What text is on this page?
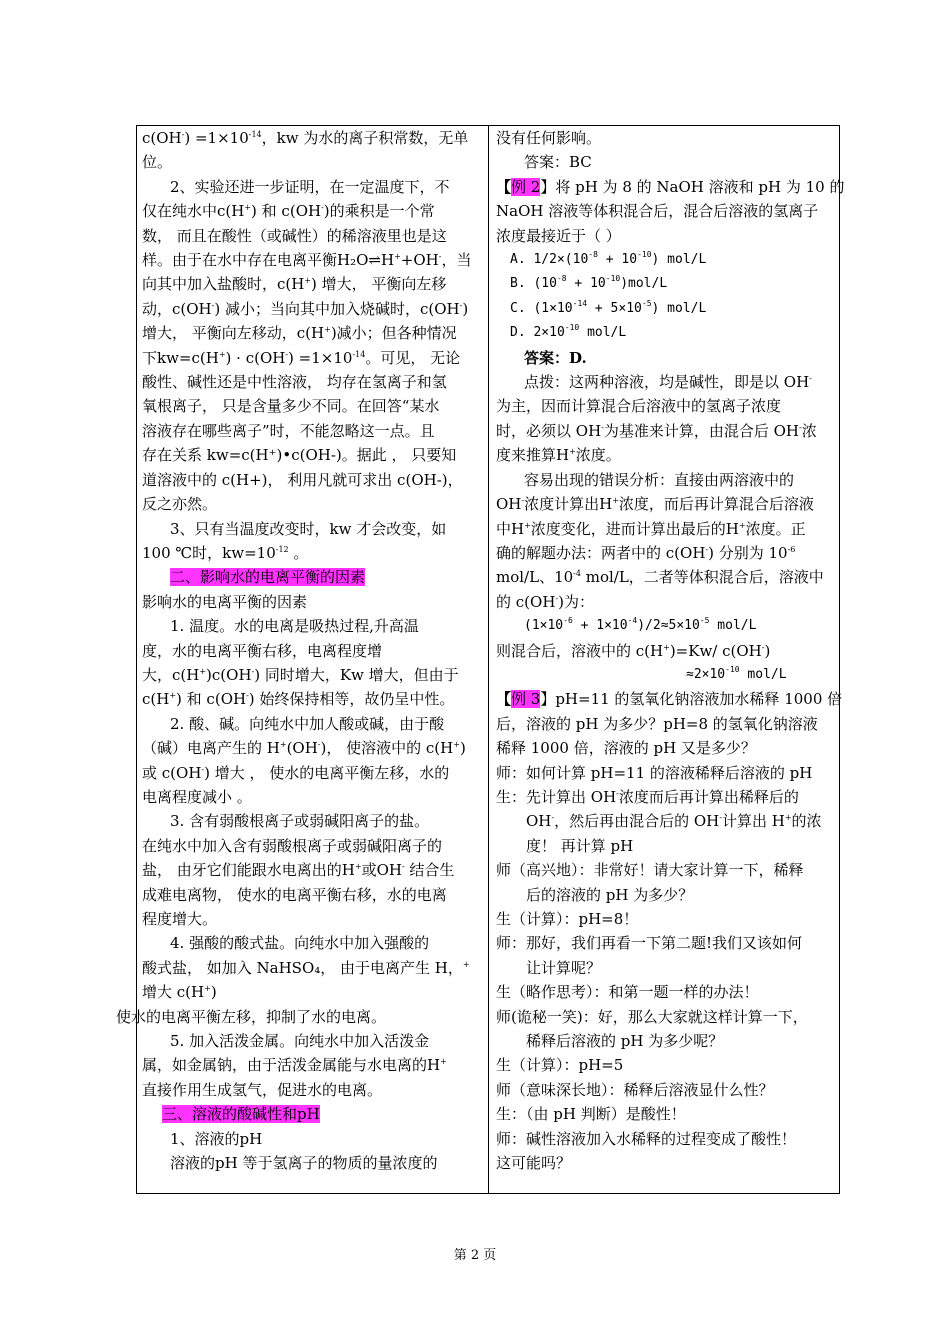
$c(OH^-) =1\times 10^{-14}$，kw 为水的离子积常数，无单

位。

2、实验还进一步证明，在一定温度下，不

仅在纯水中c(H+) 和 c(OH-)的乘积是一个常

数， 而且在酸性（或碱性）的稀溶液里也是这

样。由于在水中存在电离平衡H₂O⇌H++OH-，当

向其中加入盐酸时，c(H+) 增大， 平衡向左移

动，c(OH-) 减小；当向其中加入烧碱时，c(OH-)

增大， 平衡向左移动，c(H+)减小；但各种情况

下$kw=c(H^+) \cdot c(OH^-) =1\times 10^{-14}$。可见， 无论

酸性、碱性还是中性溶液， 均存在氢离子和氢

氧根离子， 只是含量多少不同。在回答“某水

溶液存在哪些离子”时，不能忽略这一点。且

存在关系 kw=c(H⁺)•c(OH-)。据此 ， 只要知

道溶液中的 c(H+)， 利用凡就可求出 c(OH-)，

反之亦然。

3、只有当温度改变时，kw 才会改变，如

100 ℃时，$kw=10^{-12}$ 。

二、影响水的电离平衡的因素

影响水的电离平衡的因素

1. 温度。水的电离是吸热过程,升高温

度，水的电离平衡右移，电离程度增

大，c(H+)c(OH-) 同时增大，Kw 增大，但由于

c(H+) 和 c(OH-) 始终保持相等，故仍呈中性。

2. 酸、碱。向纯水中加人酸或碱，由于酸

（碱）电离产生的 H+(OH-)， 使溶液中的 c(H+)

或 c(OH-) 增大 ， 使水的电离平衡左移，水的

电离程度减小 。

3. 含有弱酸根离子或弱碱阳离子的盐。

在纯水中加入含有弱酸根离子或弱碱阳离子的

盐， 由牙它们能跟水电离出的H+或OH- 结合生

成难电离物， 使水的电离平衡右移，水的电离

程度增大。

4. 强酸的酸式盐。向纯水中加入强酸的

酸式盐， 如加入 NaHSO₄， 由于电离产生 H，+

增大 c(H+)

使水的电离平衡左移，抑制了水的电离。

5. 加入活泼金属。向纯水中加入活泼金

属，如金属钠，由于活泼金属能与水电离的H+

直接作用生成氢气，促进水的电离。

三、溶液的酸碱性和pH

1、溶液的pH

溶液的pH 等于氢离子的物质的量浓度的

没有任何影响。

答案：BC

【例 2】将 pH 为 8 的 NaOH 溶液和 pH 为 10 的

NaOH 溶液等体积混合后，混合后溶液的氢离子

浓度最接近于（ ）

A. $1/2\times(10^{-8} + 10^{-10})$ mol/L

B. $(10^{-8} + 10^{-10})mol/L$

C. $(1\times 10^{-14} + 5\times 10^{-5})$ mol/L

D. $2\times 10^{-10}$ mol/L

答案：D.

点拨：这两种溶液，均是碱性，即是以 OH-

为主，因而计算混合后溶液中的氢离子浓度

时，必须以 OH-为基准来计算，由混合后 OH-浓

度来推算H+浓度。

容易出现的错误分析：直接由两溶液中的

OH-浓度计算出H+浓度，而后再计算混合后溶液

中H+浓度变化，进而计算出最后的H+浓度。正

确的解题办法：两者中的 c(OH-) 分别为 $10^{-6}$

mol/L、$10^{-4}$ mol/L，二者等体积混合后，溶液中

的 c(OH-)为：

$(1\times 10^{-6} + 1\times 10^{-4})/2\approx 5\times 10^{-5}$ mol/L

则混合后，溶液中的 c(H+)=Kw/ c(OH-)

$\approx 2\times 10^{-10}$ mol/L

【例 3】pH=11 的氢氧化钠溶液加水稀释 1000 倍

后，溶液的 pH 为多少？pH=8 的氢氧化钠溶液

稀释 1000 倍，溶液的 pH 又是多少？

师：如何计算 pH=11 的溶液稀释后溶液的 pH

生：先计算出 OH-浓度而后再计算出稀释后的

OH-，然后再由混合后的 OH-计算出 H+的浓

度！ 再计算 pH

师（高兴地）：非常好！请大家计算一下，稀释

后的溶液的 pH 为多少？

生（计算）：pH=8！

师：那好，我们再看一下第二题!我们又该如何

让计算呢？

生（略作思考）：和第一题一样的办法！

师(诡秘一笑)：好，那么大家就这样计算一下，

稀释后溶液的 pH 为多少呢？

生（计算）：pH=5

师（意味深长地）：稀释后溶液显什么性？

生：（由 pH 判断）是酸性！

师：碱性溶液加入水稀释的过程变成了酸性！

这可能吗？

第 2 页
